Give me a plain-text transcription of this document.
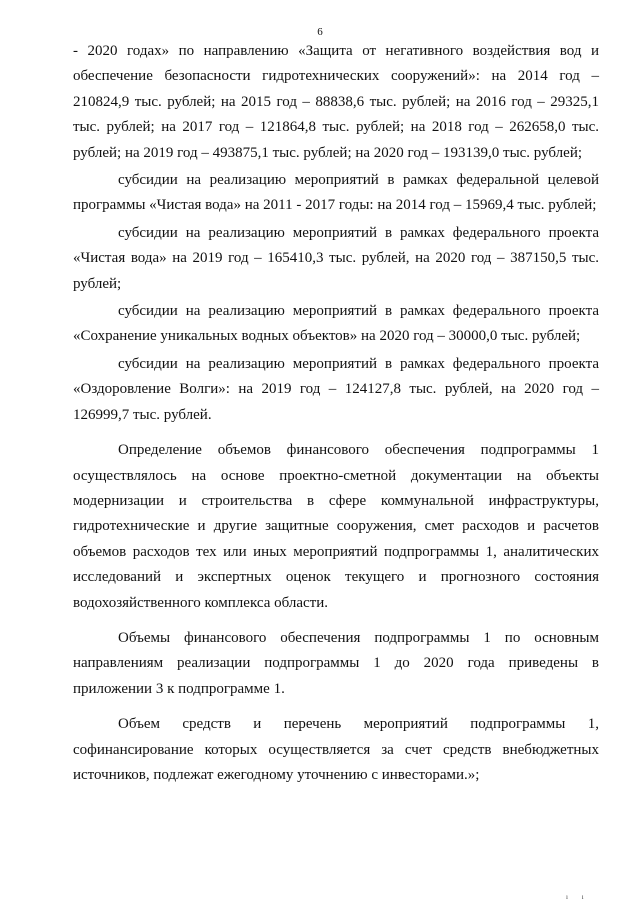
6

- 2020 годах» по направлению «Защита от негативного воздействия вод и обеспечение безопасности гидротехнических сооружений»: на 2014 год – 210824,9 тыс. рублей; на 2015 год – 88838,6 тыс. рублей; на 2016 год – 29325,1 тыс. рублей; на 2017 год – 121864,8 тыс. рублей; на 2018 год – 262658,0 тыс. рублей; на 2019 год – 493875,1 тыс. рублей; на 2020 год – 193139,0 тыс. рублей;

субсидии на реализацию мероприятий в рамках федеральной целевой программы «Чистая вода» на 2011 - 2017 годы: на 2014 год – 15969,4 тыс. рублей;

субсидии на реализацию мероприятий в рамках федерального проекта «Чистая вода» на 2019 год – 165410,3 тыс. рублей, на 2020 год – 387150,5 тыс. рублей;

субсидии на реализацию мероприятий в рамках федерального проекта «Сохранение уникальных водных объектов» на 2020 год – 30000,0 тыс. рублей;

субсидии на реализацию мероприятий в рамках федерального проекта «Оздоровление Волги»: на 2019 год – 124127,8 тыс. рублей, на 2020 год – 126999,7 тыс. рублей.

Определение объемов финансового обеспечения подпрограммы 1 осуществлялось на основе проектно-сметной документации на объекты модернизации и строительства в сфере коммунальной инфраструктуры, гидротехнические и другие защитные сооружения, смет расходов и расчетов объемов расходов тех или иных мероприятий подпрограммы 1, аналитических исследований и экспертных оценок текущего и прогнозного состояния водохозяйственного комплекса области.

Объемы финансового обеспечения подпрограммы 1 по основным направлениям реализации подпрограммы 1 до 2020 года приведены в приложении 3 к подпрограмме 1.

Объем средств и перечень мероприятий подпрограммы 1, софинансирование которых осуществляется за счет средств внебюджетных источников, подлежат ежегодному уточнению с инвесторами.»;

ı ı
